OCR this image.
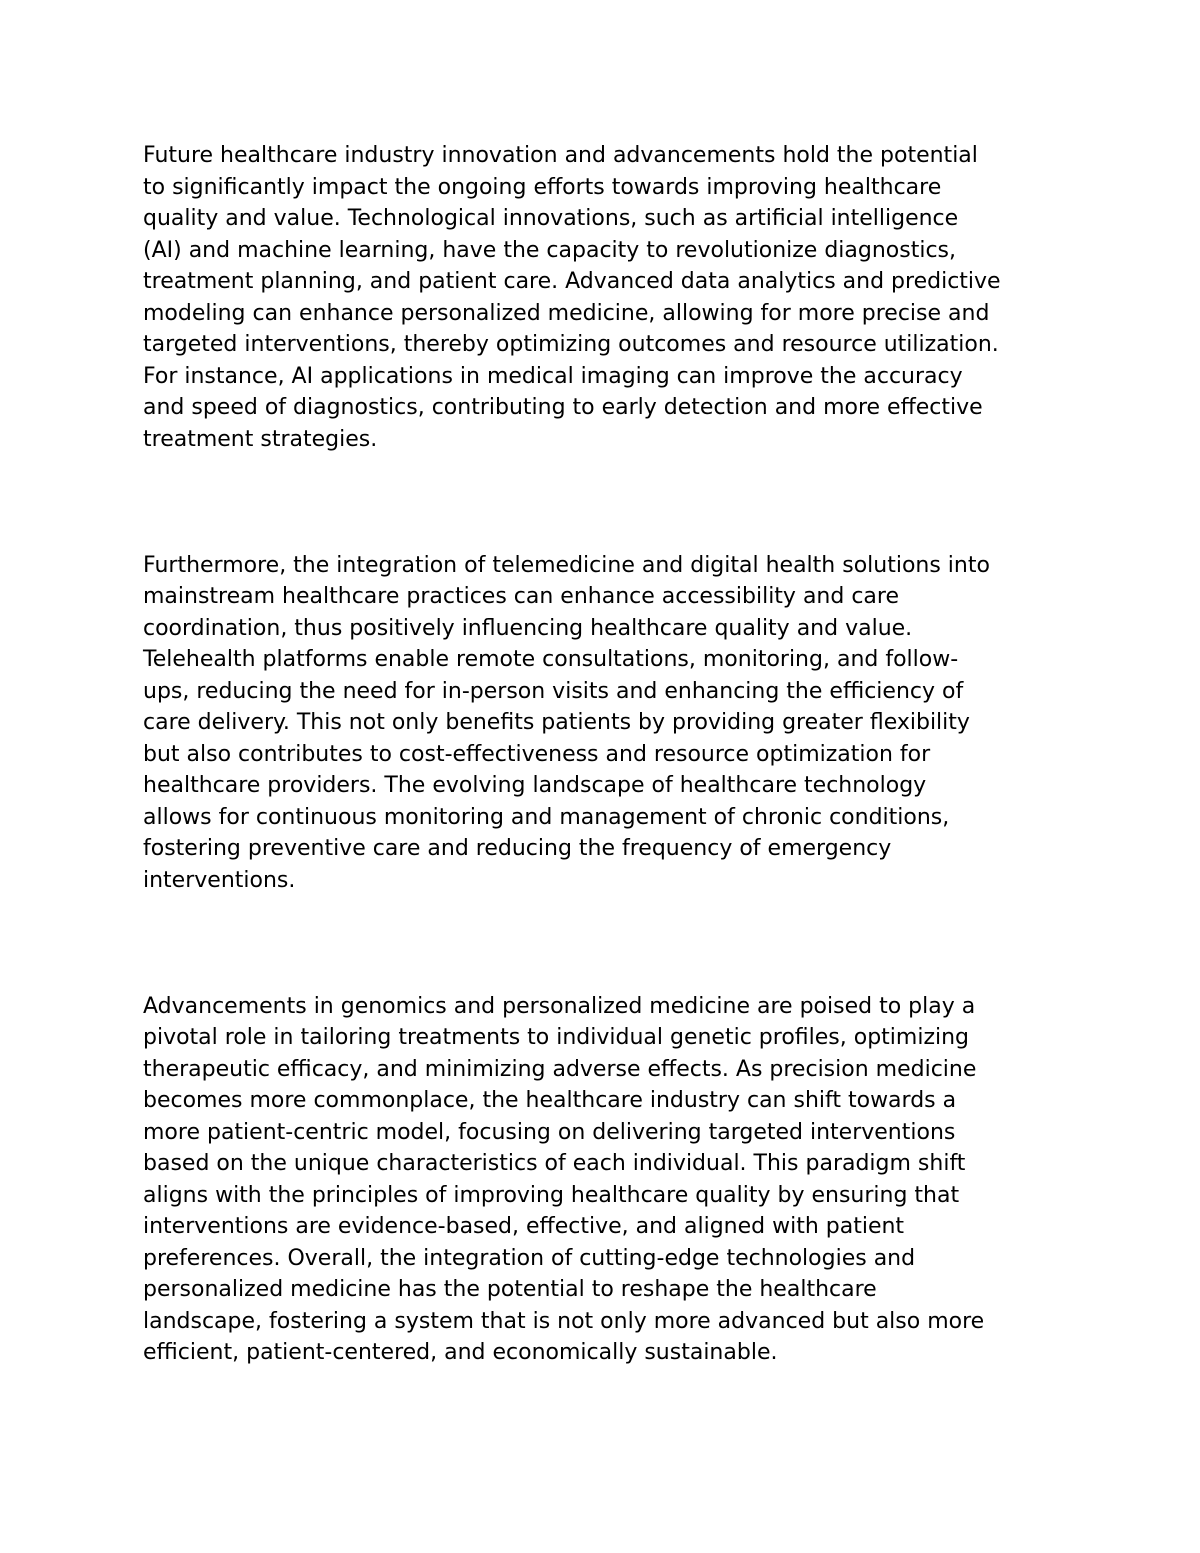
Future healthcare industry innovation and advancements hold the potential
to significantly impact the ongoing efforts towards improving healthcare
quality and value. Technological innovations, such as artificial intelligence
(AI) and machine learning, have the capacity to revolutionize diagnostics,
treatment planning, and patient care. Advanced data analytics and predictive
modeling can enhance personalized medicine, allowing for more precise and
targeted interventions, thereby optimizing outcomes and resource utilization.
For instance, AI applications in medical imaging can improve the accuracy
and speed of diagnostics, contributing to early detection and more effective
treatment strategies.

Furthermore, the integration of telemedicine and digital health solutions into
mainstream healthcare practices can enhance accessibility and care
coordination, thus positively influencing healthcare quality and value.
Telehealth platforms enable remote consultations, monitoring, and follow-
ups, reducing the need for in-person visits and enhancing the efficiency of
care delivery. This not only benefits patients by providing greater flexibility
but also contributes to cost-effectiveness and resource optimization for
healthcare providers. The evolving landscape of healthcare technology
allows for continuous monitoring and management of chronic conditions,
fostering preventive care and reducing the frequency of emergency
interventions.

Advancements in genomics and personalized medicine are poised to play a
pivotal role in tailoring treatments to individual genetic profiles, optimizing
therapeutic efficacy, and minimizing adverse effects. As precision medicine
becomes more commonplace, the healthcare industry can shift towards a
more patient-centric model, focusing on delivering targeted interventions
based on the unique characteristics of each individual. This paradigm shift
aligns with the principles of improving healthcare quality by ensuring that
interventions are evidence-based, effective, and aligned with patient
preferences. Overall, the integration of cutting-edge technologies and
personalized medicine has the potential to reshape the healthcare
landscape, fostering a system that is not only more advanced but also more
efficient, patient-centered, and economically sustainable.
